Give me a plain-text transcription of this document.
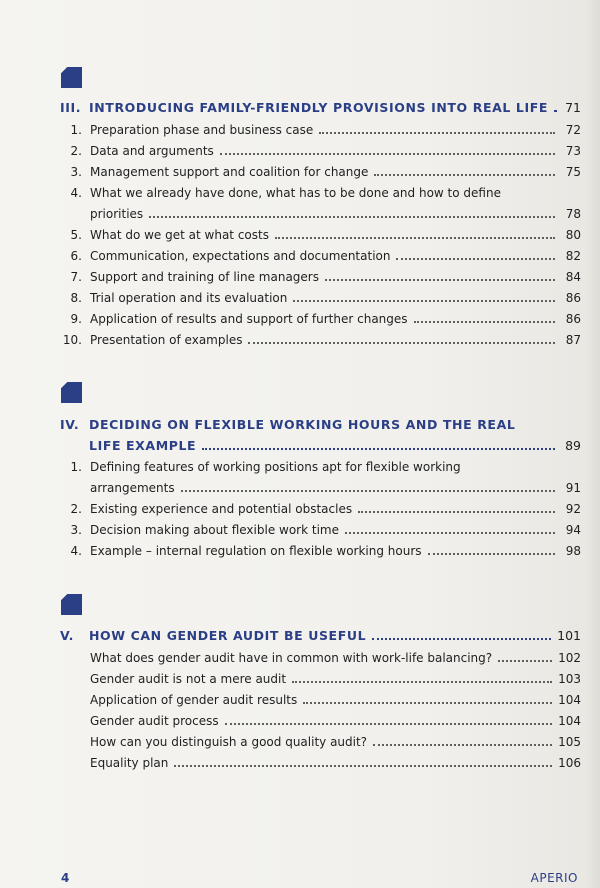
III. INTRODUCING FAMILY-FRIENDLY PROVISIONS INTO REAL LIFE	71
1. Preparation phase and business case	72
2. Data and arguments	73
3. Management support and coalition for change	75
4. What we already have done, what has to be done and how to define
priorities	78
5. What do we get at what costs	80
6. Communication, expectations and documentation	82
7. Support and training of line managers	84
8. Trial operation and its evaluation	86
9. Application of results and support of further changes	86
10. Presentation of examples	87
IV. DECIDING ON FLEXIBLE WORKING HOURS AND THE REAL
LIFE EXAMPLE	89
1. Defining features of working positions apt for flexible working
arrangements	91
2. Existing experience and potential obstacles	92
3. Decision making about flexible work time	94
4. Example – internal regulation on flexible working hours	98
V.	HOW CAN GENDER AUDIT BE USEFUL	101
What does gender audit have in common with work-life balancing?	102
Gender audit is not a mere audit	103
Application of gender audit results	104
Gender audit process	104
How can you distinguish a good quality audit?	105
Equality plan	106
4	APERIO
